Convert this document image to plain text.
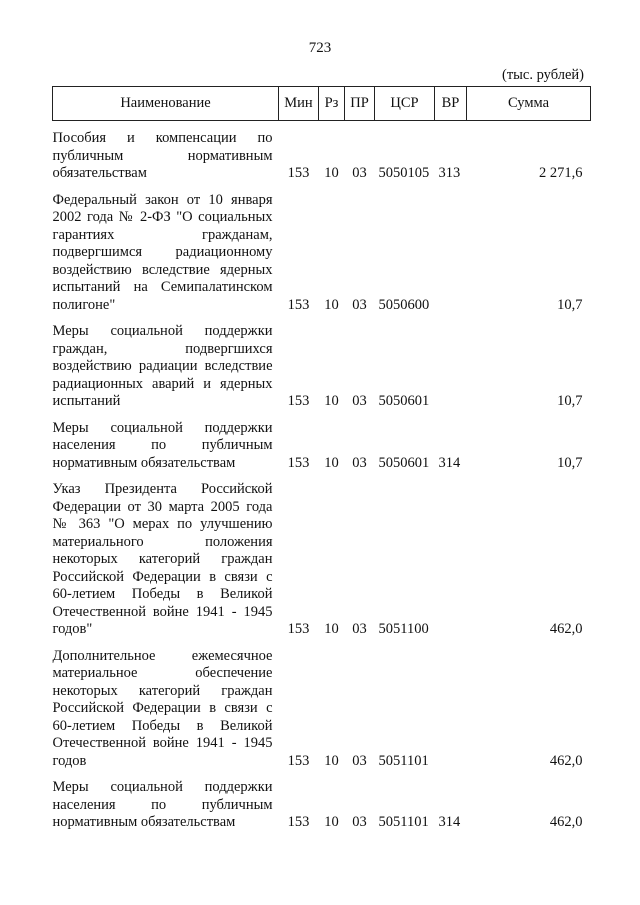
723
(тыс. рублей)
Наименование	Мин	Рз	ПР	ЦСР	ВР	Сумма
Пособия и компенсации по публичным нормативным обязательствам	153	10	03	5050105	313	2 271,6
Федеральный закон от 10 января 2002 года № 2-ФЗ "О социальных гарантиях гражданам, подвергшимся радиационному воздействию вследствие ядерных испытаний на Семипалатинском полигоне"	153	10	03	5050600		10,7
Меры социальной поддержки граждан, подвергшихся воздействию радиации вследствие радиационных аварий и ядерных испытаний	153	10	03	5050601		10,7
Меры социальной поддержки населения по публичным нормативным обязательствам	153	10	03	5050601	314	10,7
Указ Президента Российской Федерации от 30 марта 2005 года № 363 "О мерах по улучшению материального положения некоторых категорий граждан Российской Федерации в связи с 60-летием Победы в Великой Отечественной войне 1941 - 1945 годов"	153	10	03	5051100		462,0
Дополнительное ежемесячное материальное обеспечение некоторых категорий граждан Российской Федерации в связи с 60-летием Победы в Великой Отечественной войне 1941 - 1945 годов	153	10	03	5051101		462,0
Меры социальной поддержки населения по публичным нормативным обязательствам	153	10	03	5051101	314	462,0
